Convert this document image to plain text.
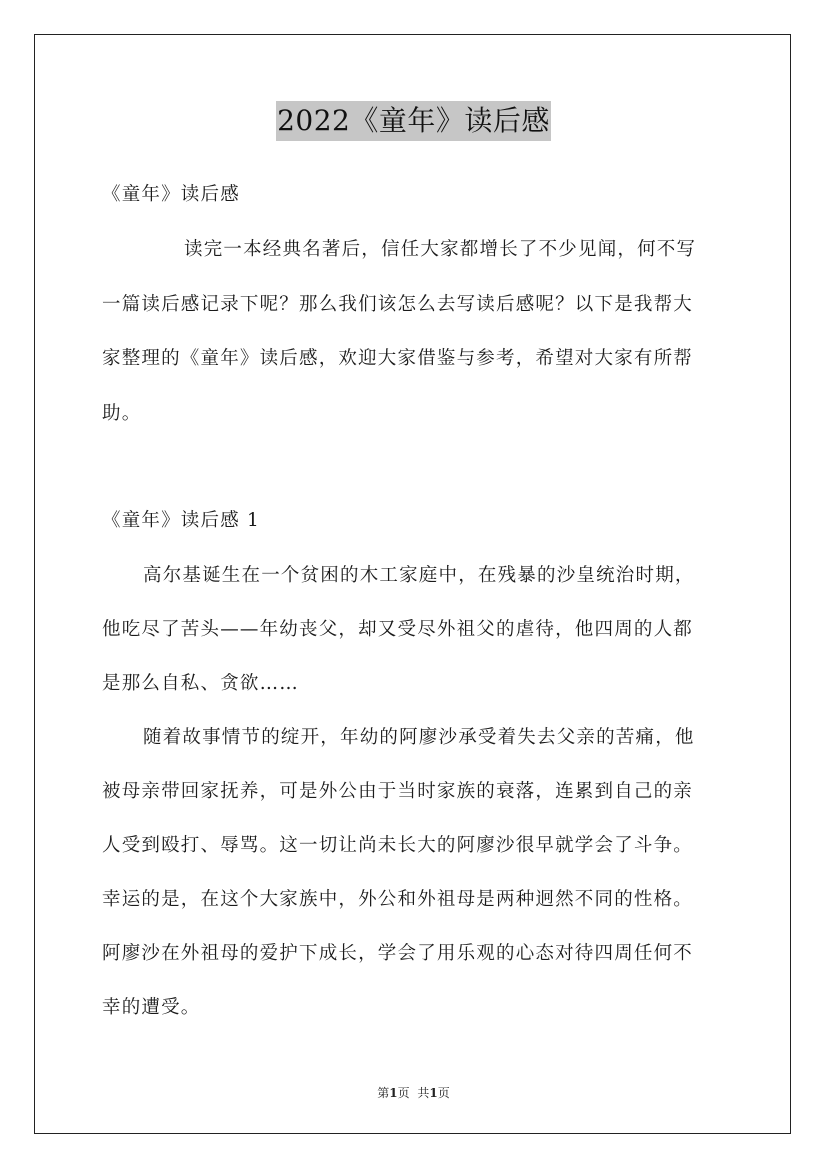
2022《童年》读后感
《童年》读后感
读完一本经典名著后，信任大家都增长了不少见闻，何不写
一篇读后感记录下呢？那么我们该怎么去写读后感呢？以下是我帮大
家整理的《童年》读后感，欢迎大家借鉴与参考，希望对大家有所帮
助。
《童年》读后感 1
高尔基诞生在一个贫困的木工家庭中，在残暴的沙皇统治时期，
他吃尽了苦头——年幼丧父，却又受尽外祖父的虐待，他四周的人都
是那么自私、贪欲……
随着故事情节的绽开，年幼的阿廖沙承受着失去父亲的苦痛，他
被母亲带回家抚养，可是外公由于当时家族的衰落，连累到自己的亲
人受到殴打、辱骂。这一切让尚未长大的阿廖沙很早就学会了斗争。
幸运的是，在这个大家族中，外公和外祖母是两种迥然不同的性格。
阿廖沙在外祖母的爱护下成长，学会了用乐观的心态对待四周任何不
幸的遭受。
第1页 共1页
